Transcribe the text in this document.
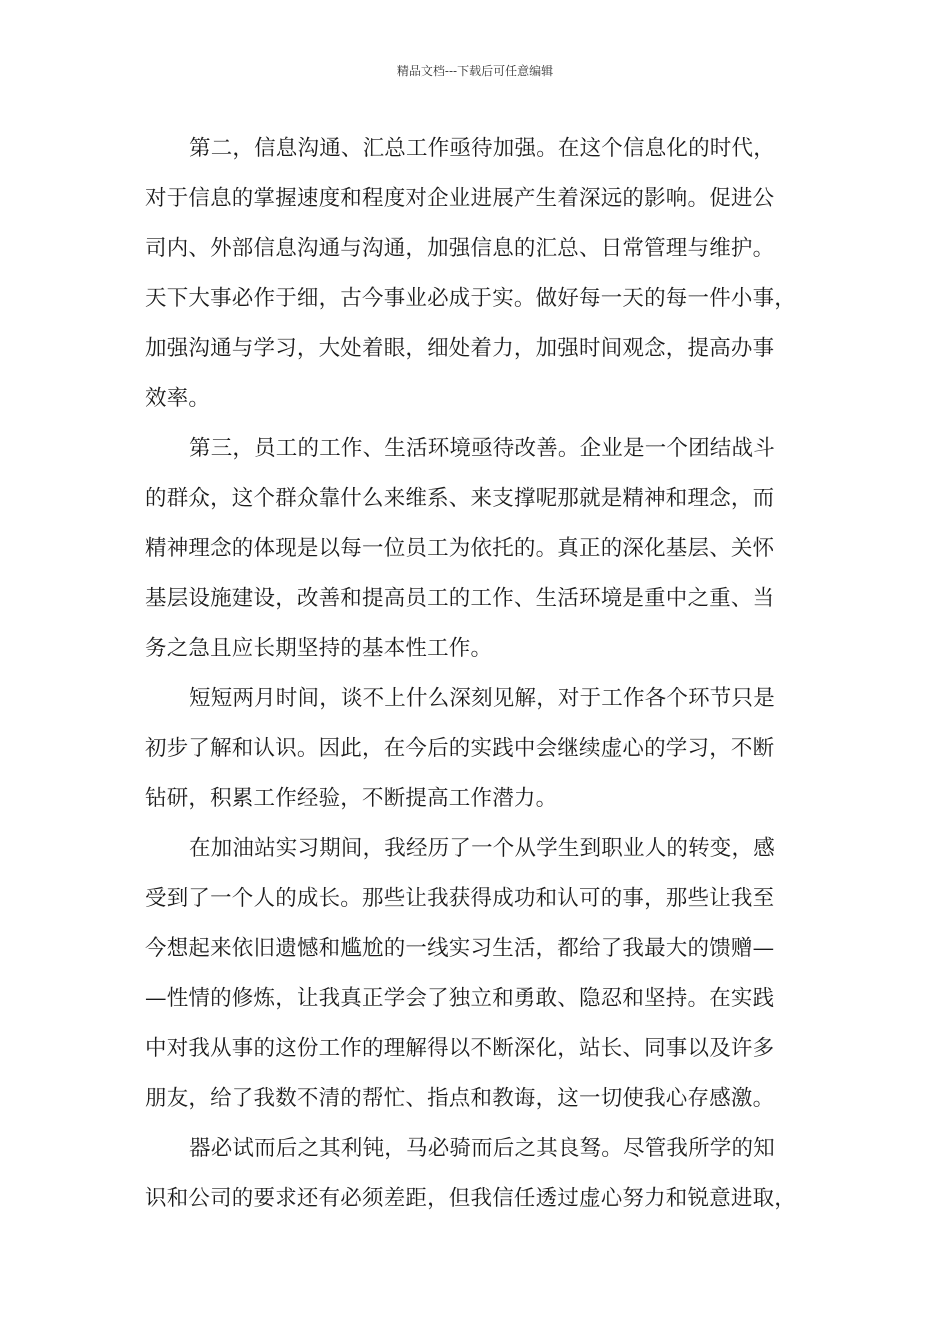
精品文档---下载后可任意编辑
第二，信息沟通、汇总工作亟待加强。在这个信息化的时代，
对于信息的掌握速度和程度对企业进展产生着深远的影响。促进公
司内、外部信息沟通与沟通，加强信息的汇总、日常管理与维护。
天下大事必作于细，古今事业必成于实。做好每一天的每一件小事，
加强沟通与学习，大处着眼，细处着力，加强时间观念，提高办事
效率。
第三，员工的工作、生活环境亟待改善。企业是一个团结战斗
的群众，这个群众靠什么来维系、来支撑呢那就是精神和理念，而
精神理念的体现是以每一位员工为依托的。真正的深化基层、关怀
基层设施建设，改善和提高员工的工作、生活环境是重中之重、当
务之急且应长期坚持的基本性工作。
短短两月时间，谈不上什么深刻见解，对于工作各个环节只是
初步了解和认识。因此，在今后的实践中会继续虚心的学习，不断
钻研，积累工作经验，不断提高工作潜力。
在加油站实习期间，我经历了一个从学生到职业人的转变，感
受到了一个人的成长。那些让我获得成功和认可的事，那些让我至
今想起来依旧遗憾和尴尬的一线实习生活，都给了我最大的馈赠—
—性情的修炼，让我真正学会了独立和勇敢、隐忍和坚持。在实践
中对我从事的这份工作的理解得以不断深化，站长、同事以及许多
朋友，给了我数不清的帮忙、指点和教诲，这一切使我心存感激。
器必试而后之其利钝，马必骑而后之其良驽。尽管我所学的知
识和公司的要求还有必须差距，但我信任透过虚心努力和锐意进取，
